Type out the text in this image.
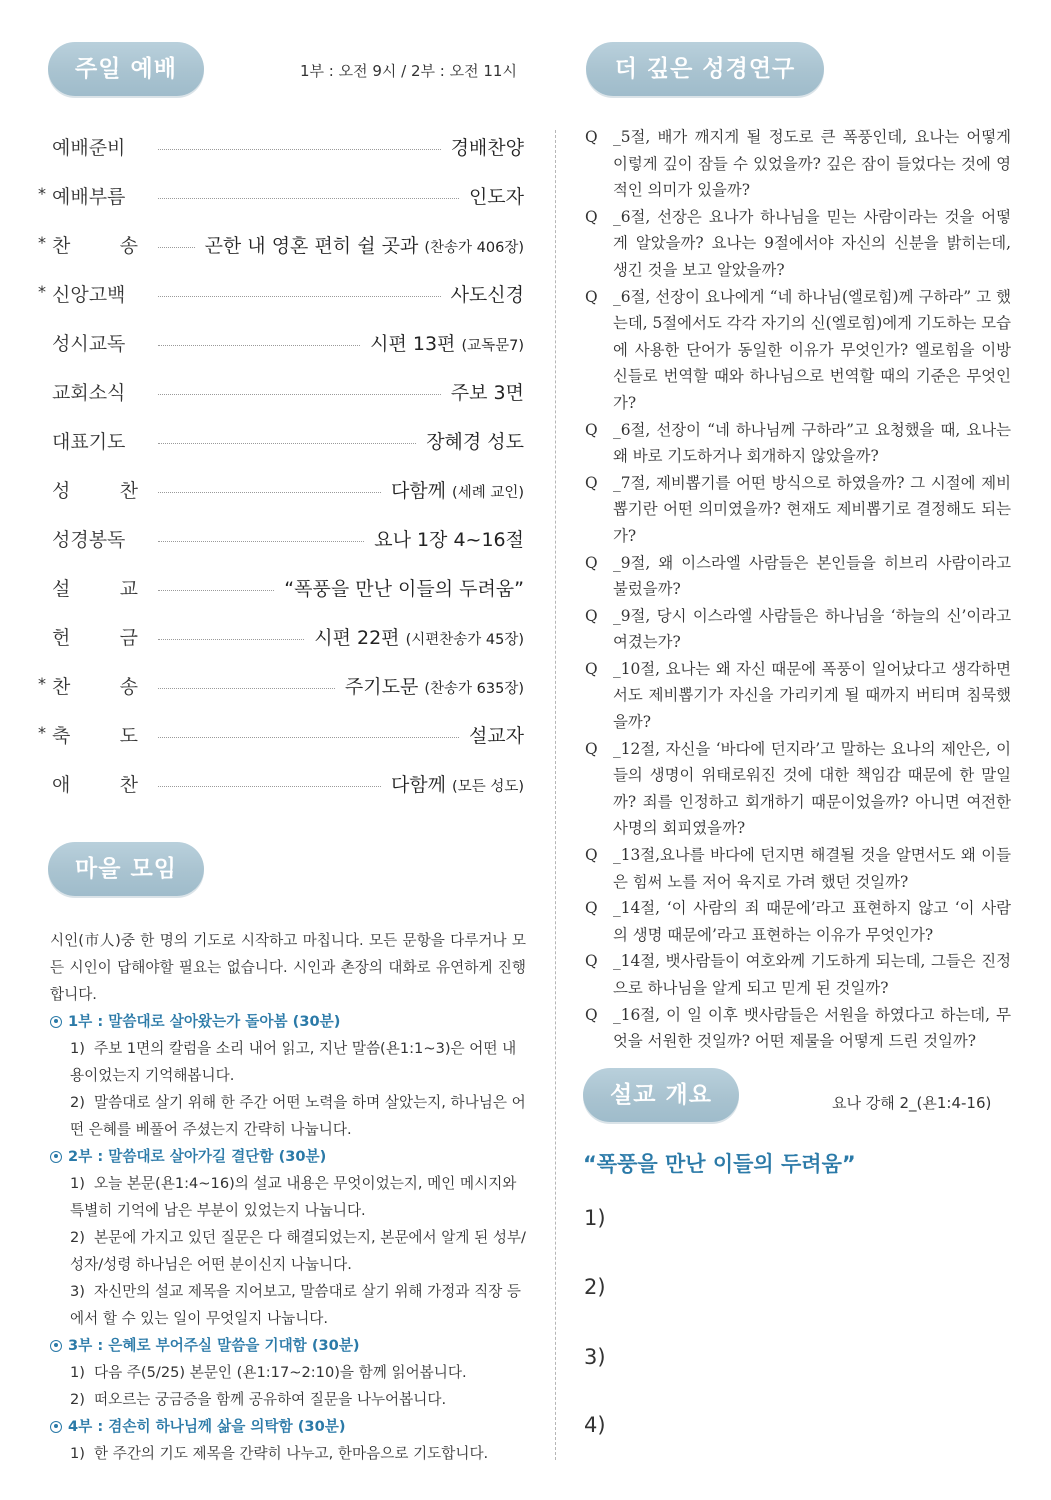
주일 예배	1부 : 오전 9시 / 2부 : 오전 11시	더 깊은 성경연구
마을 모임
설교 개요	요나 강해 2_(욘1:4-16)
예배준비	경배찬양
* 예배부름	인도자
* 찬 송	곤한 내 영혼 편히 쉴 곳과 (찬송가 406장)
* 신앙고백	사도신경
성시교독	시편 13편 (교독문7)
교회소식	주보 3면
대표기도	장혜경 성도
성 찬	다함께 (세례 교인)
성경봉독	요나 1장 4~16절
설 교	“폭풍을 만난 이들의 두려움”
헌 금	시편 22편 (시편찬송가 45장)
* 찬 송	주기도문 (찬송가 635장)
* 축 도	설교자
애 찬	다함께 (모든 성도)

시인(市人)중 한 명의 기도로 시작하고 마칩니다. 모든 문항을 다루거나 모든 시인이 답해야할 필요는 없습니다. 시인과 촌장의 대화로 유연하게 진행합니다.

1부 : 말씀대로 살아왔는가 돌아봄 (30분)
1) 주보 1면의 칼럼을 소리 내어 읽고, 지난 말씀(욘1:1~3)은 어떤 내용이었는지 기억해봅니다.
2) 말씀대로 살기 위해 한 주간 어떤 노력을 하며 살았는지, 하나님은 어떤 은혜를 베풀어 주셨는지 간략히 나눕니다.
2부 : 말씀대로 살아가길 결단함 (30분)
1) 오늘 본문(욘1:4~16)의 설교 내용은 무엇이었는지, 메인 메시지와 특별히 기억에 남은 부분이 있었는지 나눕니다.
2) 본문에 가지고 있던 질문은 다 해결되었는지, 본문에서 알게 된 성부/성자/성령 하나님은 어떤 분이신지 나눕니다.
3) 자신만의 설교 제목을 지어보고, 말씀대로 살기 위해 가정과 직장 등에서 할 수 있는 일이 무엇일지 나눕니다.
3부 : 은혜로 부어주실 말씀을 기대함 (30분)
1) 다음 주(5/25) 본문인 (욘1:17~2:10)을 함께 읽어봅니다.
2) 떠오르는 궁금증을 함께 공유하여 질문을 나누어봅니다.
4부 : 겸손히 하나님께 삶을 의탁함 (30분)
1) 한 주간의 기도 제목을 간략히 나누고, 한마음으로 기도합니다.
Q _5절, 배가 깨지게 될 정도로 큰 폭풍인데, 요나는 어떻게 이렇게 깊이 잠들 수 있었을까? 깊은 잠이 들었다는 것에 영적인 의미가 있을까?
Q _6절, 선장은 요나가 하나님을 믿는 사람이라는 것을 어떻게 알았을까? 요나는 9절에서야 자신의 신분을 밝히는데, 생긴 것을 보고 알았을까?
Q _6절, 선장이 요나에게 “네 하나님(엘로힘)께 구하라” 고 했는데, 5절에서도 각각 자기의 신(엘로힘)에게 기도하는 모습에 사용한 단어가 동일한 이유가 무엇인가? 엘로힘을 이방 신들로 번역할 때와 하나님으로 번역할 때의 기준은 무엇인가?
Q _6절, 선장이 “네 하나님께 구하라”고 요청했을 때, 요나는 왜 바로 기도하거나 회개하지 않았을까?
Q _7절, 제비뽑기를 어떤 방식으로 하였을까? 그 시절에 제비뽑기란 어떤 의미였을까? 현재도 제비뽑기로 결정해도 되는가?
Q _9절, 왜 이스라엘 사람들은 본인들을 히브리 사람이라고 불렀을까?
Q _9절, 당시 이스라엘 사람들은 하나님을 ‘하늘의 신’이라고 여겼는가?
Q _10절, 요나는 왜 자신 때문에 폭풍이 일어났다고 생각하면서도 제비뽑기가 자신을 가리키게 될 때까지 버티며 침묵했을까?
Q _12절, 자신을 ‘바다에 던지라’고 말하는 요나의 제안은, 이들의 생명이 위태로워진 것에 대한 책임감 때문에 한 말일까? 죄를 인정하고 회개하기 때문이었을까? 아니면 여전한 사명의 회피였을까?
Q _13절,요나를 바다에 던지면 해결될 것을 알면서도 왜 이들은 힘써 노를 저어 육지로 가려 했던 것일까?
Q _14절, ‘이 사람의 죄 때문에’라고 표현하지 않고 ‘이 사람의 생명 때문에’라고 표현하는 이유가 무엇인가?
Q _14절, 뱃사람들이 여호와께 기도하게 되는데, 그들은 진정으로 하나님을 알게 되고 믿게 된 것일까?
Q _16절, 이 일 이후 뱃사람들은 서원을 하였다고 하는데, 무엇을 서원한 것일까? 어떤 제물을 어떻게 드린 것일까?
“폭풍을 만난 이들의 두려움”
1)
2)
3)
4)
